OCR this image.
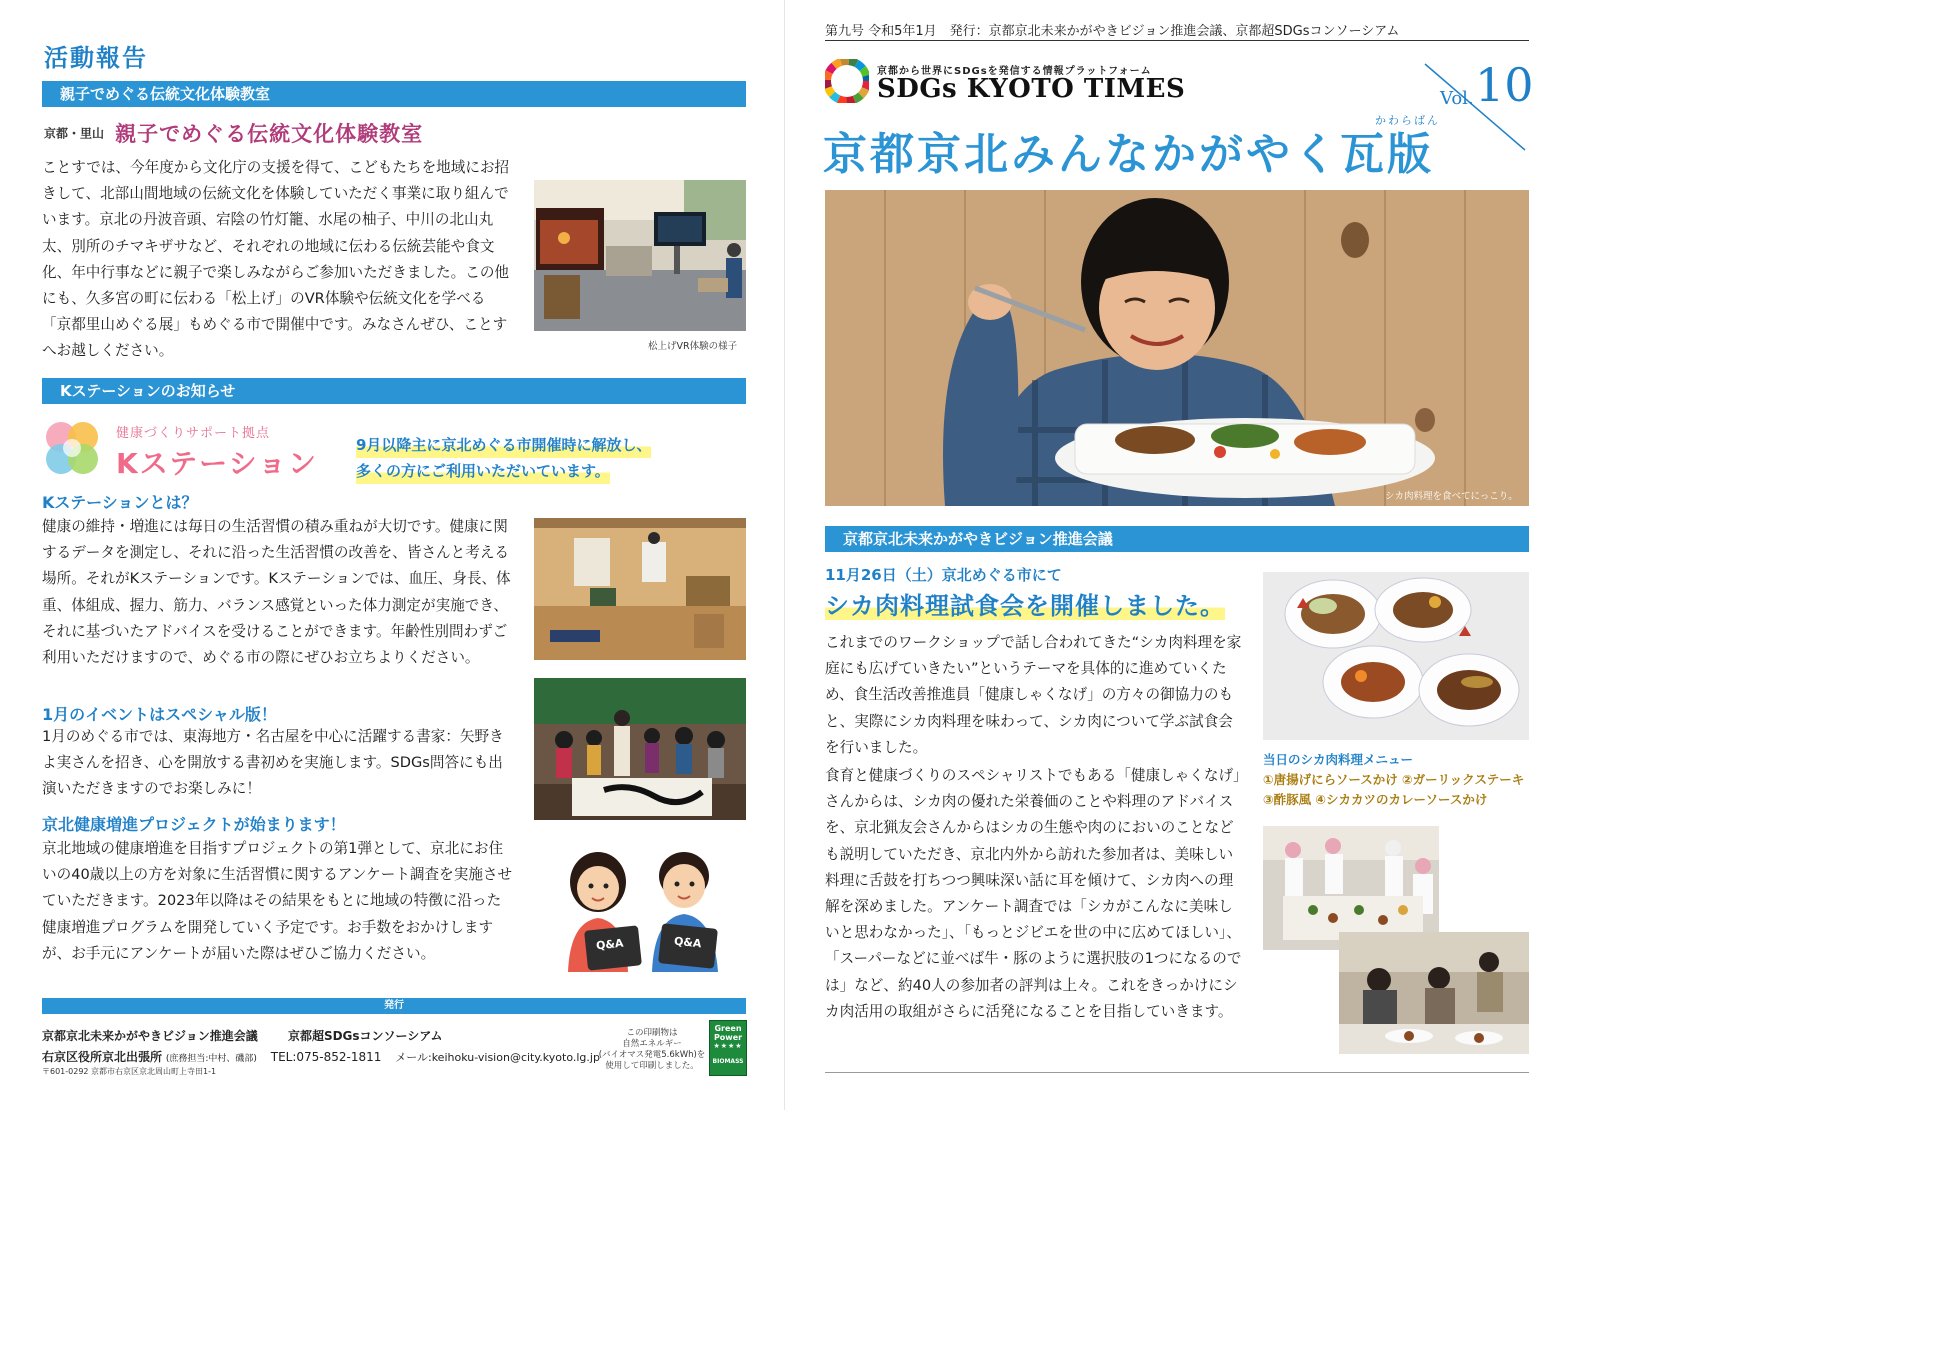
活動報告
親子でめぐる伝統文化体験教室
京都・里山 親子でめぐる伝統文化体験教室
ことすでは、今年度から文化庁の支援を得て、こどもたちを地域にお招きして、北部山間地域の伝統文化を体験していただく事業に取り組んでいます。京北の丹波音頭、宕陰の竹灯籠、水尾の柚子、中川の北山丸太、別所のチマキザサなど、それぞれの地域に伝わる伝統芸能や食文化、年中行事などに親子で楽しみながらご参加いただきました。この他にも、久多宮の町に伝わる「松上げ」のVR体験や伝統文化を学べる「京都里山めぐる展」もめぐる市で開催中です。みなさんぜひ、ことすへお越しください。	松上げVR体験の様子
Kステーションのお知らせ
健康づくりサポート拠点
Kステーション
9月以降主に京北めぐる市開催時に解放し、
多くの方にご利用いただいています。
Kステーションとは？
健康の維持・増進には毎日の生活習慣の積み重ねが大切です。健康に関するデータを測定し、それに沿った生活習慣の改善を、皆さんと考える場所。それがKステーションです。Kステーションでは、血圧、身長、体重、体組成、握力、筋力、バランス感覚といった体力測定が実施でき、それに基づいたアドバイスを受けることができます。年齢性別問わずご利用いただけますので、めぐる市の際にぜひお立ちよりください。
1月のイベントはスペシャル版！
1月のめぐる市では、東海地方・名古屋を中心に活躍する書家：矢野きよ実さんを招き、心を開放する書初めを実施します。SDGs問答にも出演いただきますのでお楽しみに！
京北健康増進プロジェクトが始まります！
京北地域の健康増進を目指すプロジェクトの第1弾として、京北にお住いの40歳以上の方を対象に生活習慣に関するアンケート調査を実施させていただきます。2023年以降はその結果をもとに地域の特徴に沿った健康増進プログラムを開発していく予定です。お手数をおかけしますが、お手元にアンケートが届いた際はぜひご協力ください。
Q&A	Q&A
発行
京都京北未来かがやきビジョン推進会議	京都超SDGsコンソーシアム
右京区役所京北出張所 (庶務担当:中村、磯部) TEL:075-852-1811 メール:keihoku-vision@city.kyoto.lg.jp
〒601-0292 京都市右京区京北周山町上寺田1-1
この印刷物は
自然エネルギー
(バイオマス発電5.6kWh)を
使用して印刷しました。
Green
Power
★★★★
BIOMASS
第九号 令和5年1月　発行：京都京北未来かがやきビジョン推進会議、京都超SDGsコンソーシアム
京都から世界にSDGsを発信する情報プラットフォーム
SDGs KYOTO TIMES	Vol. 10
かわらばん
京都京北みんなかがやく瓦版
シカ肉料理を食べてにっこり。
京都京北未来かがやきビジョン推進会議
11月26日（土）京北めぐる市にて
シカ肉料理試食会を開催しました。
これまでのワークショップで話し合われてきた“シカ肉料理を家庭にも広げていきたい”というテーマを具体的に進めていくため、食生活改善推進員「健康しゃくなげ」の方々の御協力のもと、実際にシカ肉料理を味わって、シカ肉について学ぶ試食会を行いました。
食育と健康づくりのスペシャリストでもある「健康しゃくなげ」さんからは、シカ肉の優れた栄養価のことや料理のアドバイスを、京北猟友会さんからはシカの生態や肉のにおいのことなども説明していただき、京北内外から訪れた参加者は、美味しい料理に舌鼓を打ちつつ興味深い話に耳を傾けて、シカ肉への理解を深めました。アンケート調査では「シカがこんなに美味しいと思わなかった」、「もっとジビエを世の中に広めてほしい」、「スーパーなどに並べば牛・豚のように選択肢の1つになるのでは」など、約40人の参加者の評判は上々。これをきっかけにシカ肉活用の取組がさらに活発になることを目指していきます。
当日のシカ肉料理メニュー
①唐揚げにらソースかけ ②ガーリックステーキ
③酢豚風 ④シカカツのカレーソースかけ
